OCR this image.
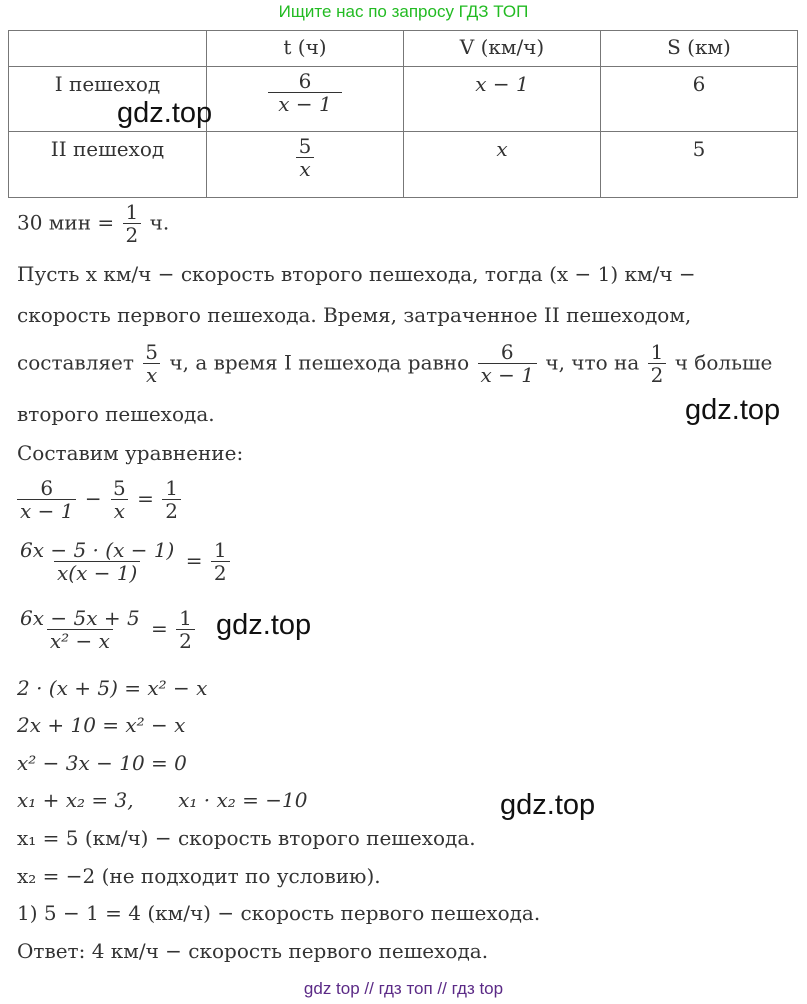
Ищите нас по запросу ГДЗ ТОП
	t (ч)	V (км/ч)	S (км)
I пешеход	$\frac{6}{x - 1}$	x − 1	6
II пешеход	$\frac{5}{x}$	x	5
gdz.top
30 мин = $\frac{1}{2} ч$.
Пусть x км/ч − скорость второго пешехода, тогда (x − 1) км/ч −
скорость первого пешехода. Время, затраченное II пешеходом,
составляет $\frac{5}{x} ч$, а время I пешехода равно $\frac{6}{x - 1} ч$, что на $\frac{1}{2}$ ч больше
второго пешехода.	gdz.top
Составим уравнение:
$\frac{6}{x - 1} - \frac{5}{x} = \frac{1}{2}$
$\frac{6x - 5 \cdot (x - 1)}{x(x - 1)} = \frac{1}{2}$
$\frac{6x - 5x + 5}{\text{x² − x}} = \frac{1}{2} gdz.top$
2 · (x + 5) = x² − x
2x + 10 = x² − x
x² − 3x − 10 = 0
x₁ + x₂ = 3,       x₁ · x₂ = −10	gdz.top
x₁ = 5 (км/ч) − скорость второго пешехода.
x₂ = −2 (не подходит по условию).
1) 5 − 1 = 4 (км/ч) − скорость первого пешехода.
Ответ: 4 км/ч − скорость первого пешехода.
gdz top // гдз топ // гдз top
